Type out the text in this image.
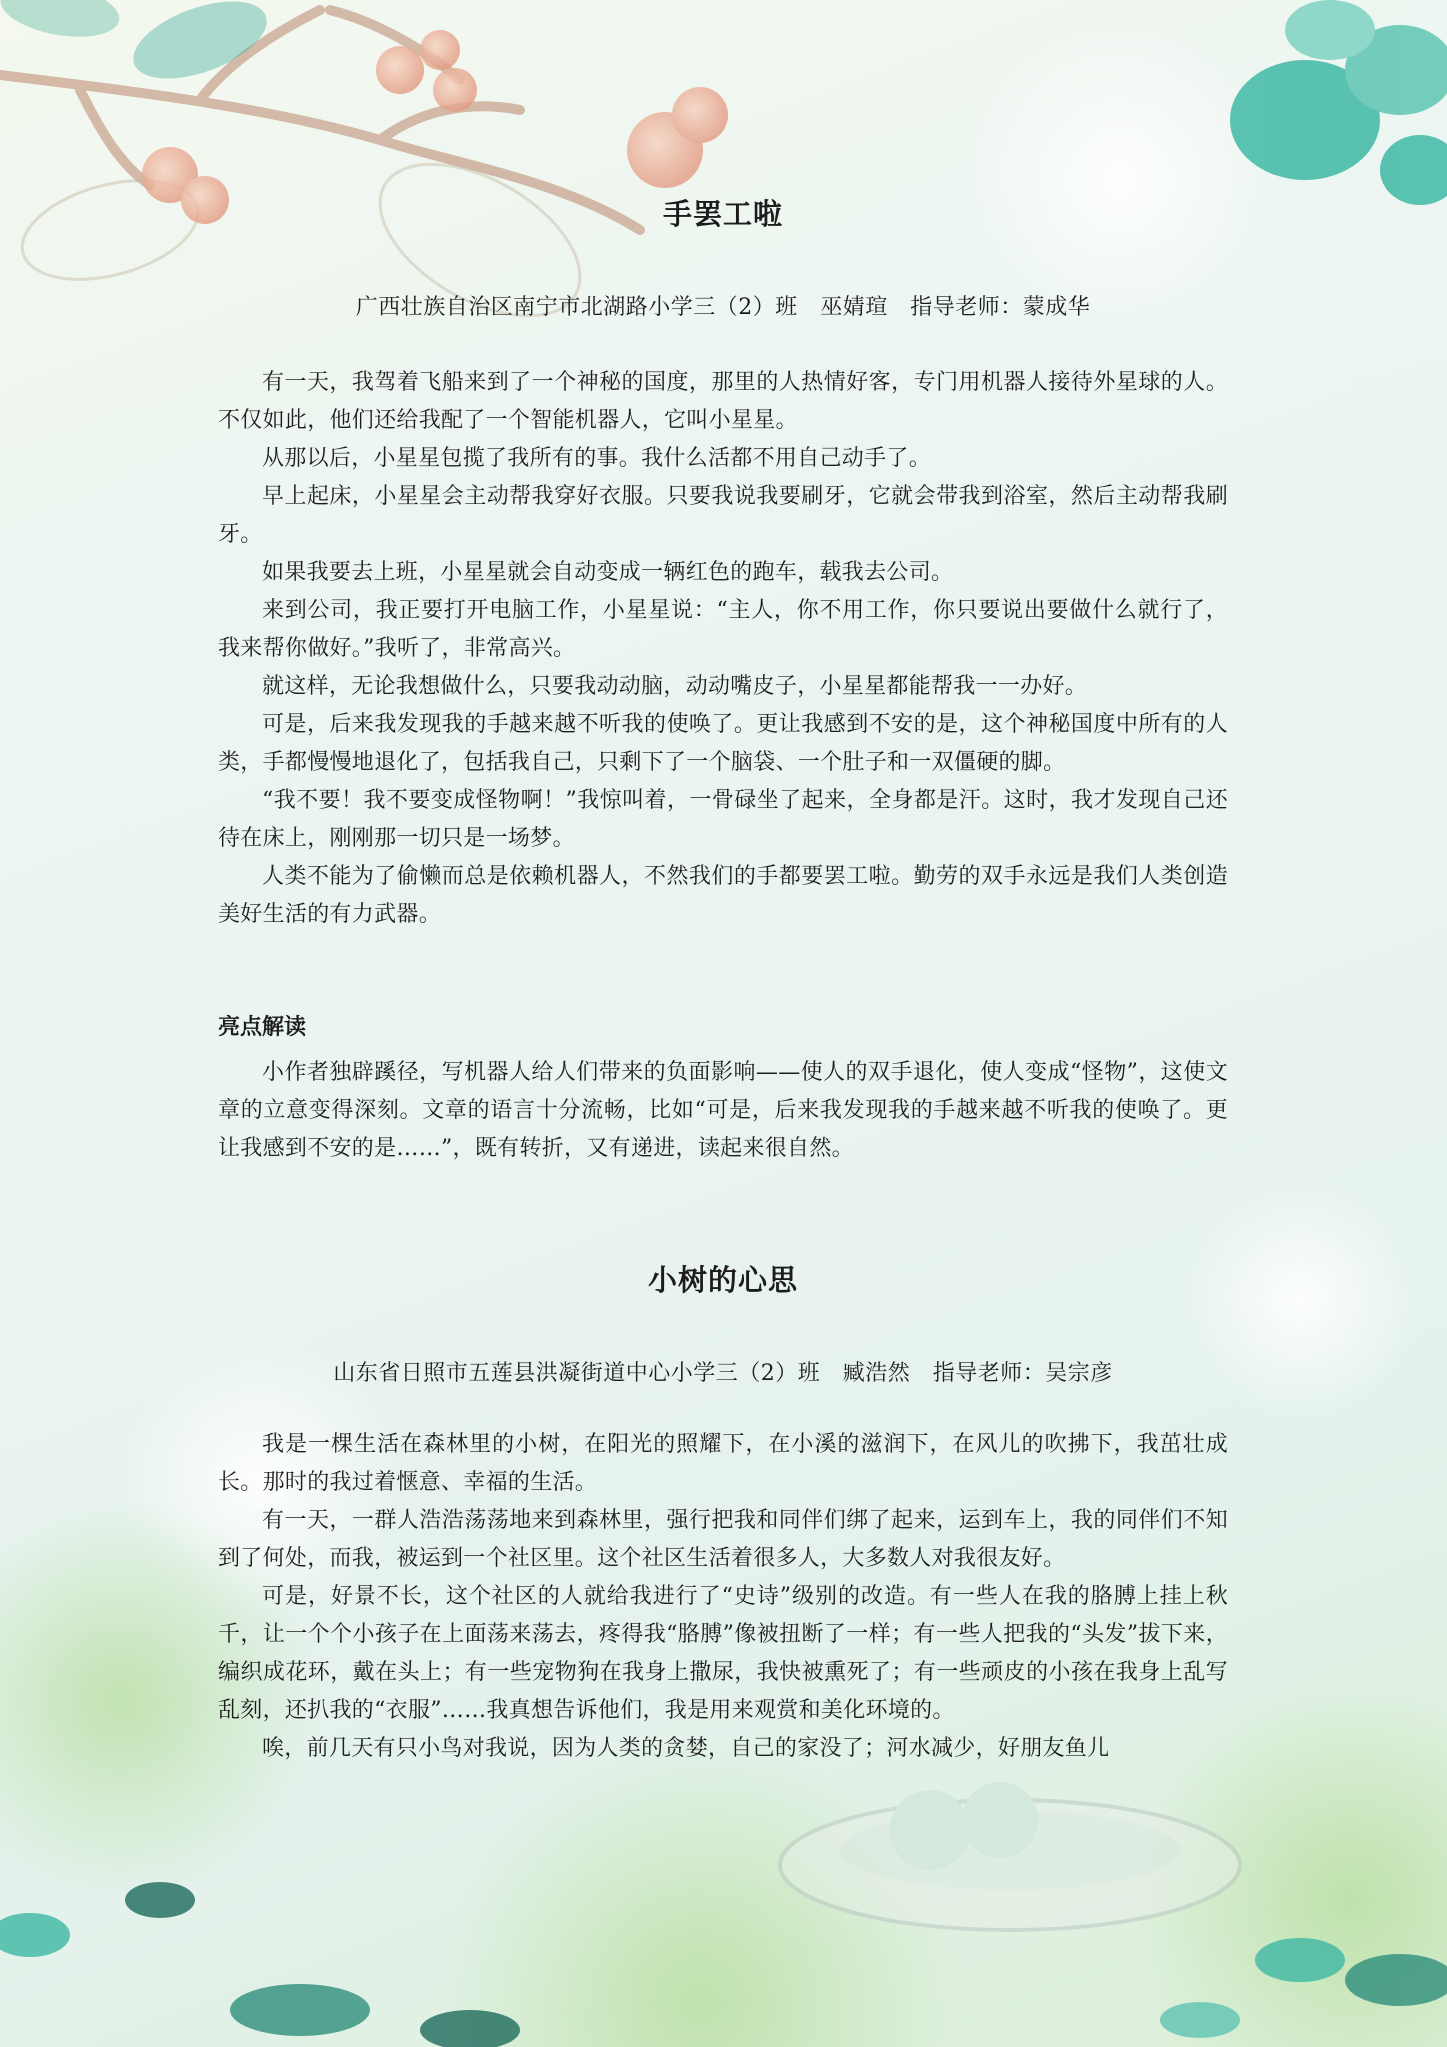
手罢工啦
广西壮族自治区南宁市北湖路小学三（2）班　巫婧瑄　指导老师：蒙成华

有一天，我驾着飞船来到了一个神秘的国度，那里的人热情好客，专门用机器人接待外星球的人。不仅如此，他们还给我配了一个智能机器人，它叫小星星。

从那以后，小星星包揽了我所有的事。我什么活都不用自己动手了。

早上起床，小星星会主动帮我穿好衣服。只要我说我要刷牙，它就会带我到浴室，然后主动帮我刷牙。

如果我要去上班，小星星就会自动变成一辆红色的跑车，载我去公司。

来到公司，我正要打开电脑工作，小星星说：“主人，你不用工作，你只要说出要做什么就行了，我来帮你做好。”我听了，非常高兴。

就这样，无论我想做什么，只要我动动脑，动动嘴皮子，小星星都能帮我一一办好。

可是，后来我发现我的手越来越不听我的使唤了。更让我感到不安的是，这个神秘国度中所有的人类，手都慢慢地退化了，包括我自己，只剩下了一个脑袋、一个肚子和一双僵硬的脚。

“我不要！我不要变成怪物啊！”我惊叫着，一骨碌坐了起来，全身都是汗。这时，我才发现自己还待在床上，刚刚那一切只是一场梦。

人类不能为了偷懒而总是依赖机器人，不然我们的手都要罢工啦。勤劳的双手永远是我们人类创造美好生活的有力武器。

亮点解读

小作者独辟蹊径，写机器人给人们带来的负面影响——使人的双手退化，使人变成“怪物”，这使文章的立意变得深刻。文章的语言十分流畅，比如“可是，后来我发现我的手越来越不听我的使唤了。更让我感到不安的是……”，既有转折，又有递进，读起来很自然。

小树的心思
山东省日照市五莲县洪凝街道中心小学三（2）班　臧浩然　指导老师：吴宗彦

我是一棵生活在森林里的小树，在阳光的照耀下，在小溪的滋润下，在风儿的吹拂下，我茁壮成长。那时的我过着惬意、幸福的生活。

有一天，一群人浩浩荡荡地来到森林里，强行把我和同伴们绑了起来，运到车上，我的同伴们不知到了何处，而我，被运到一个社区里。这个社区生活着很多人，大多数人对我很友好。

可是，好景不长，这个社区的人就给我进行了“史诗”级别的改造。有一些人在我的胳膊上挂上秋千，让一个个小孩子在上面荡来荡去，疼得我“胳膊”像被扭断了一样；有一些人把我的“头发”拔下来，编织成花环，戴在头上；有一些宠物狗在我身上撒尿，我快被熏死了；有一些顽皮的小孩在我身上乱写乱刻，还扒我的“衣服”……我真想告诉他们，我是用来观赏和美化环境的。

唉，前几天有只小鸟对我说，因为人类的贪婪，自己的家没了；河水减少，好朋友鱼儿
